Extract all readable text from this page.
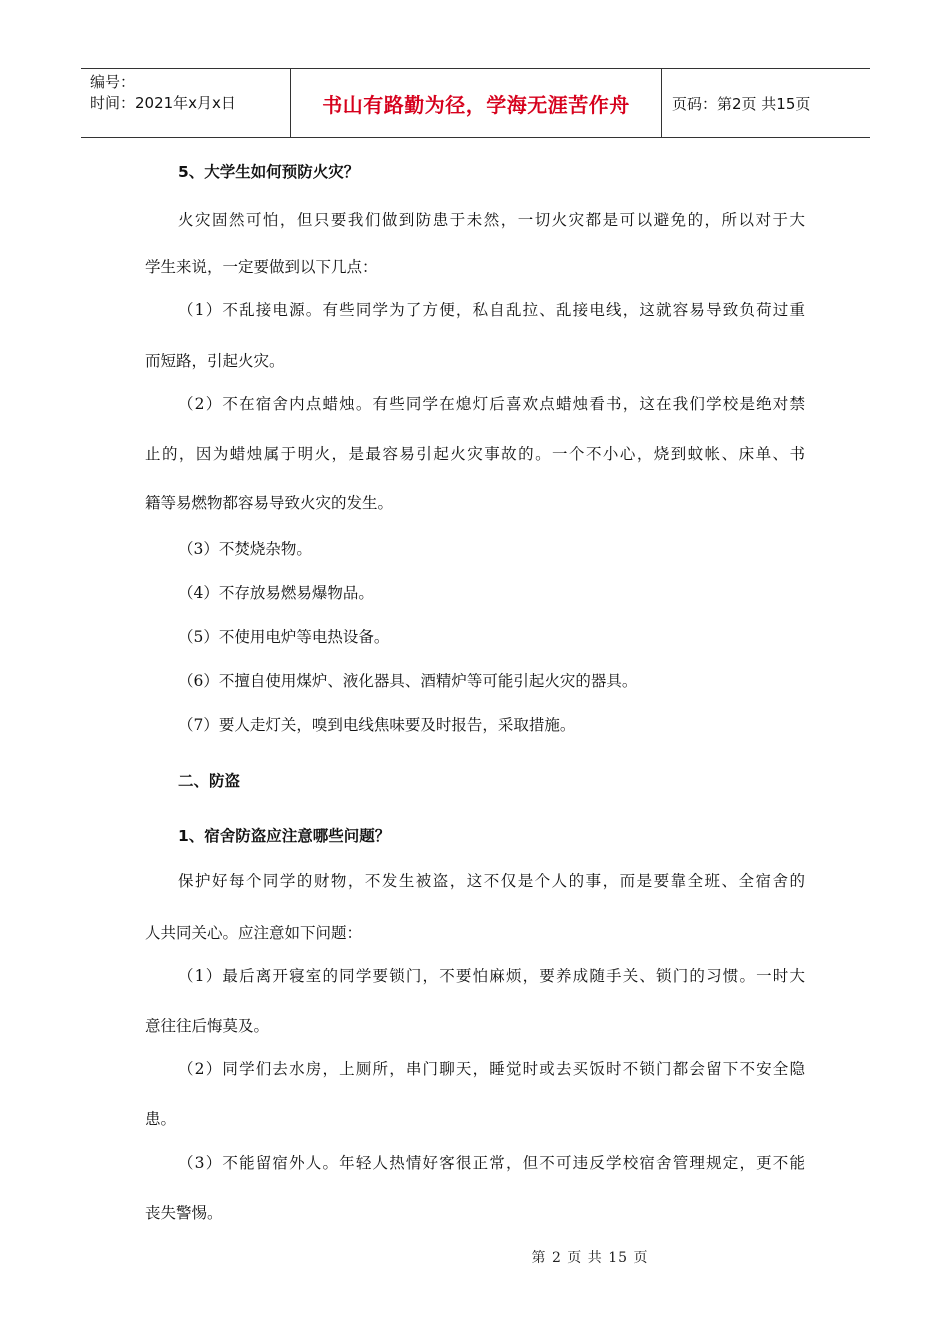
编号：
时间：2021年x月x日	书山有路勤为径，学海无涯苦作舟	页码：第2页 共15页
5、大学生如何预防火灾？
火灾固然可怕，但只要我们做到防患于未然，一切火灾都是可以避免的，所以对于大
学生来说，一定要做到以下几点：
（1）不乱接电源。有些同学为了方便，私自乱拉、乱接电线，这就容易导致负荷过重
而短路，引起火灾。
（2）不在宿舍内点蜡烛。有些同学在熄灯后喜欢点蜡烛看书，这在我们学校是绝对禁
止的，因为蜡烛属于明火，是最容易引起火灾事故的。一个不小心，烧到蚊帐、床单、书
籍等易燃物都容易导致火灾的发生。
（3）不焚烧杂物。
（4）不存放易燃易爆物品。
（5）不使用电炉等电热设备。
（6）不擅自使用煤炉、液化器具、酒精炉等可能引起火灾的器具。
（7）要人走灯关，嗅到电线焦味要及时报告，采取措施。
二、防盗
1、宿舍防盗应注意哪些问题？
保护好每个同学的财物，不发生被盗，这不仅是个人的事，而是要靠全班、全宿舍的
人共同关心。应注意如下问题：
（1）最后离开寝室的同学要锁门，不要怕麻烦，要养成随手关、锁门的习惯。一时大
意往往后悔莫及。
（2）同学们去水房，上厕所，串门聊天，睡觉时或去买饭时不锁门都会留下不安全隐
患。
（3）不能留宿外人。年轻人热情好客很正常，但不可违反学校宿舍管理规定，更不能
丧失警惕。
第 2 页 共 15 页
